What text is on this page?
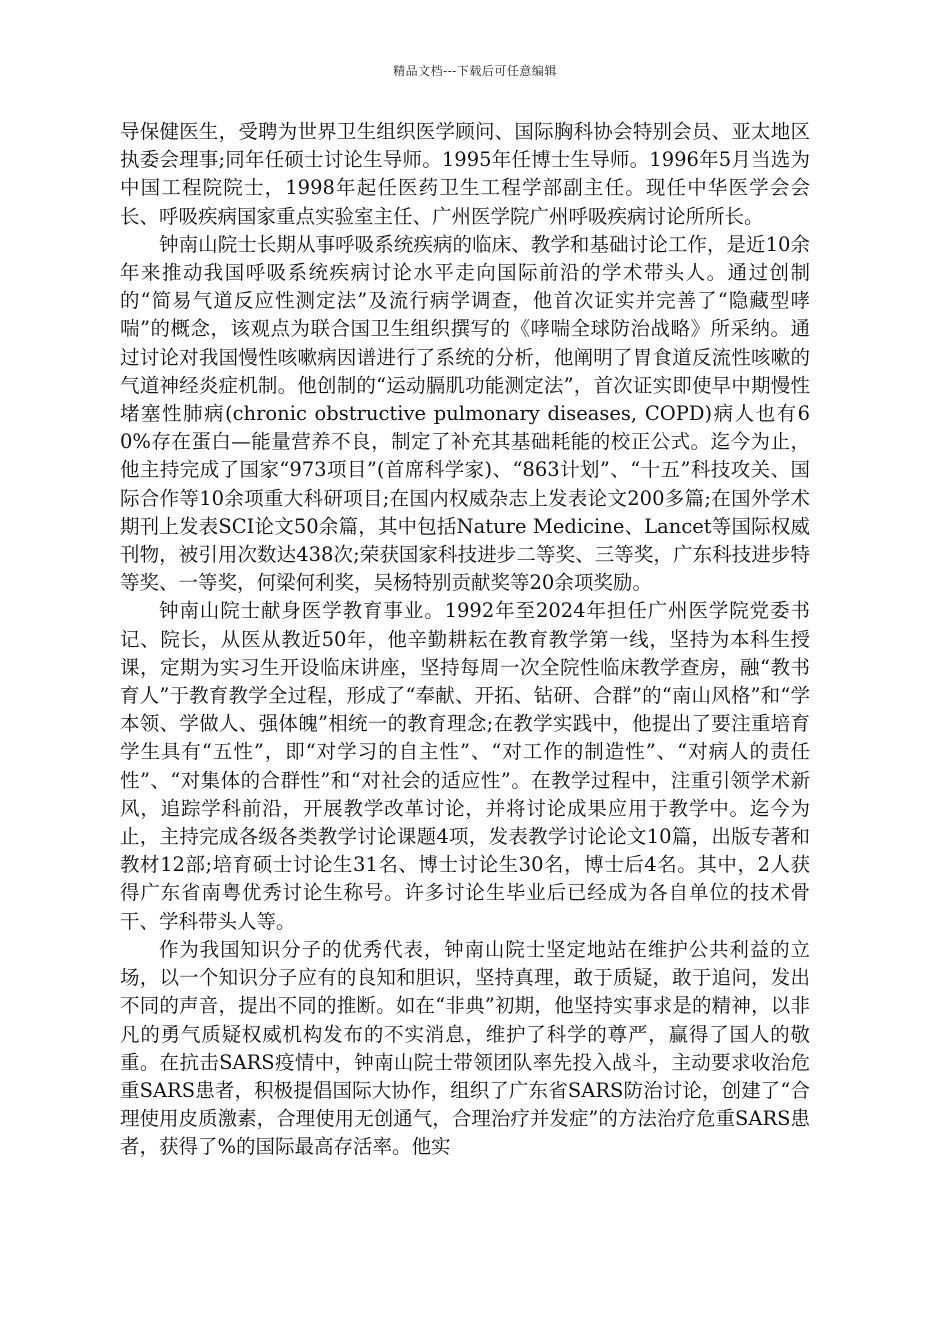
精品文档---下载后可任意编辑

导保健医生，受聘为世界卫生组织医学顾问、国际胸科协会特别会员、亚太地区执委会理事;同年任硕士讨论生导师。1995年任博士生导师。1996年5月当选为中国工程院院士，1998年起任医药卫生工程学部副主任。现任中华医学会会长、呼吸疾病国家重点实验室主任、广州医学院广州呼吸疾病讨论所所长。

钟南山院士长期从事呼吸系统疾病的临床、教学和基础讨论工作，是近10余年来推动我国呼吸系统疾病讨论水平走向国际前沿的学术带头人。通过创制的“简易气道反应性测定法”及流行病学调查，他首次证实并完善了“隐藏型哮喘”的概念，该观点为联合国卫生组织撰写的《哮喘全球防治战略》所采纳。通过讨论对我国慢性咳嗽病因谱进行了系统的分析，他阐明了胃食道反流性咳嗽的气道神经炎症机制。他创制的“运动膈肌功能测定法”，首次证实即使早中期慢性堵塞性肺病(chronic obstructive pulmonary diseases, COPD)病人也有60%存在蛋白—能量营养不良，制定了补充其基础耗能的校正公式。迄今为止，他主持完成了国家“973项目”(首席科学家)、“863计划”、“十五”科技攻关、国际合作等10余项重大科研项目;在国内权威杂志上发表论文200多篇;在国外学术期刊上发表SCI论文50余篇，其中包括Nature Medicine、Lancet等国际权威刊物，被引用次数达438次;荣获国家科技进步二等奖、三等奖，广东科技进步特等奖、一等奖，何梁何利奖，吴杨特别贡献奖等20余项奖励。

钟南山院士献身医学教育事业。1992年至2024年担任广州医学院党委书记、院长，从医从教近50年，他辛勤耕耘在教育教学第一线，坚持为本科生授课，定期为实习生开设临床讲座，坚持每周一次全院性临床教学查房，融“教书育人”于教育教学全过程，形成了“奉献、开拓、钻研、合群”的“南山风格”和“学本领、学做人、强体魄”相统一的教育理念;在教学实践中，他提出了要注重培育学生具有“五性”，即“对学习的自主性”、“对工作的制造性”、“对病人的责任性”、“对集体的合群性”和“对社会的适应性”。在教学过程中，注重引领学术新风，追踪学科前沿，开展教学改革讨论，并将讨论成果应用于教学中。迄今为止，主持完成各级各类教学讨论课题4项，发表教学讨论论文10篇，出版专著和教材12部;培育硕士讨论生31名、博士讨论生30名，博士后4名。其中，2人获得广东省南粤优秀讨论生称号。许多讨论生毕业后已经成为各自单位的技术骨干、学科带头人等。

作为我国知识分子的优秀代表，钟南山院士坚定地站在维护公共利益的立场，以一个知识分子应有的良知和胆识，坚持真理，敢于质疑，敢于追问，发出不同的声音，提出不同的推断。如在“非典”初期，他坚持实事求是的精神，以非凡的勇气质疑权威机构发布的不实消息，维护了科学的尊严，赢得了国人的敬重。在抗击SARS疫情中，钟南山院士带领团队率先投入战斗，主动要求收治危重SARS患者，积极提倡国际大协作，组织了广东省SARS防治讨论，创建了“合理使用皮质激素，合理使用无创通气，合理治疗并发症”的方法治疗危重SARS患者，获得了%的国际最高存活率。他实
